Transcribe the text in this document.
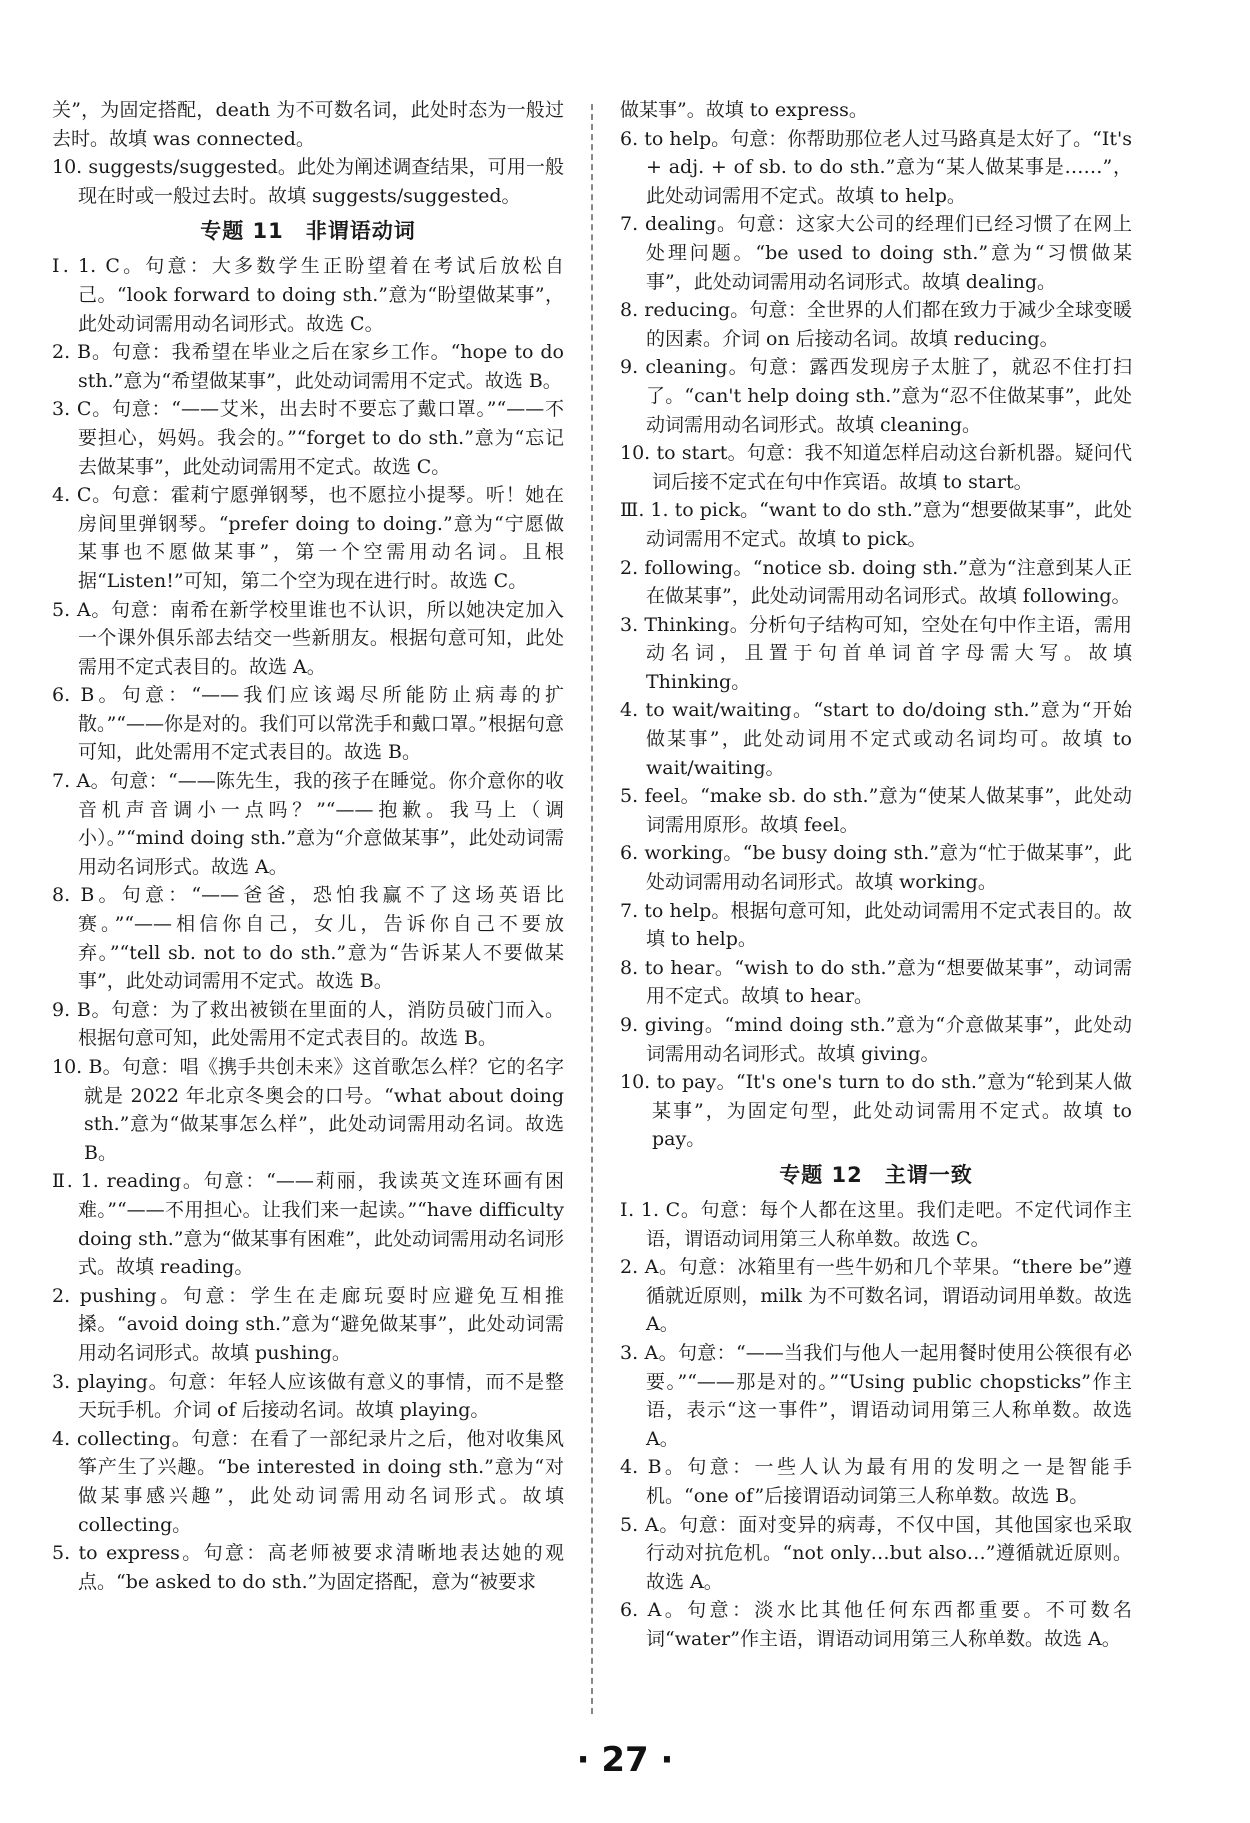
关”，为固定搭配，death 为不可数名词，此处时态为一般过去时。故填 was connected。

10. suggests/suggested。此处为阐述调查结果，可用一般现在时或一般过去时。故填 suggests/suggested。

专题 11　非谓语动词

Ⅰ. 1. C。句意：大多数学生正盼望着在考试后放松自己。“look forward to doing sth.”意为“盼望做某事”，此处动词需用动名词形式。故选 C。

2. B。句意：我希望在毕业之后在家乡工作。“hope to do sth.”意为“希望做某事”，此处动词需用不定式。故选 B。

3. C。句意：“——艾米，出去时不要忘了戴口罩。”“——不要担心，妈妈。我会的。”“forget to do sth.”意为“忘记去做某事”，此处动词需用不定式。故选 C。

4. C。句意：霍莉宁愿弹钢琴，也不愿拉小提琴。听！她在房间里弹钢琴。“prefer doing to doing.”意为“宁愿做某事也不愿做某事”，第一个空需用动名词。且根据“Listen!”可知，第二个空为现在进行时。故选 C。

5. A。句意：南希在新学校里谁也不认识，所以她决定加入一个课外俱乐部去结交一些新朋友。根据句意可知，此处需用不定式表目的。故选 A。

6. B。句意：“——我们应该竭尽所能防止病毒的扩散。”“——你是对的。我们可以常洗手和戴口罩。”根据句意可知，此处需用不定式表目的。故选 B。

7. A。句意：“——陈先生，我的孩子在睡觉。你介意你的收音机声音调小一点吗？”“——抱歉。我马上（调小）。”“mind doing sth.”意为“介意做某事”，此处动词需用动名词形式。故选 A。

8. B。句意：“——爸爸，恐怕我赢不了这场英语比赛。”“——相信你自己，女儿，告诉你自己不要放弃。”“tell sb. not to do sth.”意为“告诉某人不要做某事”，此处动词需用不定式。故选 B。

9. B。句意：为了救出被锁在里面的人，消防员破门而入。根据句意可知，此处需用不定式表目的。故选 B。

10. B。句意：唱《携手共创未来》这首歌怎么样？它的名字就是 2022 年北京冬奥会的口号。“what about doing sth.”意为“做某事怎么样”，此处动词需用动名词。故选 B。

Ⅱ. 1. reading。句意：“——莉丽，我读英文连环画有困难。”“——不用担心。让我们来一起读。”“have difficulty doing sth.”意为“做某事有困难”，此处动词需用动名词形式。故填 reading。

2. pushing。句意：学生在走廊玩耍时应避免互相推搡。“avoid doing sth.”意为“避免做某事”，此处动词需用动名词形式。故填 pushing。

3. playing。句意：年轻人应该做有意义的事情，而不是整天玩手机。介词 of 后接动名词。故填 playing。

4. collecting。句意：在看了一部纪录片之后，他对收集风筝产生了兴趣。“be interested in doing sth.”意为“对做某事感兴趣”，此处动词需用动名词形式。故填 collecting。

5. to express。句意：高老师被要求清晰地表达她的观点。“be asked to do sth.”为固定搭配，意为“被要求

做某事”。故填 to express。

6. to help。句意：你帮助那位老人过马路真是太好了。“It's + adj. + of sb. to do sth.”意为“某人做某事是……”，此处动词需用不定式。故填 to help。

7. dealing。句意：这家大公司的经理们已经习惯了在网上处理问题。“be used to doing sth.”意为“习惯做某事”，此处动词需用动名词形式。故填 dealing。

8. reducing。句意：全世界的人们都在致力于减少全球变暖的因素。介词 on 后接动名词。故填 reducing。

9. cleaning。句意：露西发现房子太脏了，就忍不住打扫了。“can't help doing sth.”意为“忍不住做某事”，此处动词需用动名词形式。故填 cleaning。

10. to start。句意：我不知道怎样启动这台新机器。疑问代词后接不定式在句中作宾语。故填 to start。

Ⅲ. 1. to pick。“want to do sth.”意为“想要做某事”，此处动词需用不定式。故填 to pick。

2. following。“notice sb. doing sth.”意为“注意到某人正在做某事”，此处动词需用动名词形式。故填 following。

3. Thinking。分析句子结构可知，空处在句中作主语，需用动名词，且置于句首单词首字母需大写。故填 Thinking。

4. to wait/waiting。“start to do/doing sth.”意为“开始做某事”，此处动词用不定式或动名词均可。故填 to wait/waiting。

5. feel。“make sb. do sth.”意为“使某人做某事”，此处动词需用原形。故填 feel。

6. working。“be busy doing sth.”意为“忙于做某事”，此处动词需用动名词形式。故填 working。

7. to help。根据句意可知，此处动词需用不定式表目的。故填 to help。

8. to hear。“wish to do sth.”意为“想要做某事”，动词需用不定式。故填 to hear。

9. giving。“mind doing sth.”意为“介意做某事”，此处动词需用动名词形式。故填 giving。

10. to pay。“It's one's turn to do sth.”意为“轮到某人做某事”，为固定句型，此处动词需用不定式。故填 to pay。

专题 12　主谓一致

Ⅰ. 1. C。句意：每个人都在这里。我们走吧。不定代词作主语，谓语动词用第三人称单数。故选 C。

2. A。句意：冰箱里有一些牛奶和几个苹果。“there be”遵循就近原则，milk 为不可数名词，谓语动词用单数。故选 A。

3. A。句意：“——当我们与他人一起用餐时使用公筷很有必要。”“——那是对的。”“Using public chopsticks”作主语，表示“这一事件”，谓语动词用第三人称单数。故选 A。

4. B。句意：一些人认为最有用的发明之一是智能手机。“one of”后接谓语动词第三人称单数。故选 B。

5. A。句意：面对变异的病毒，不仅中国，其他国家也采取行动对抗危机。“not only…but also…”遵循就近原则。故选 A。

6. A。句意：淡水比其他任何东西都重要。不可数名词“water”作主语，谓语动词用第三人称单数。故选 A。

· 27 ·
